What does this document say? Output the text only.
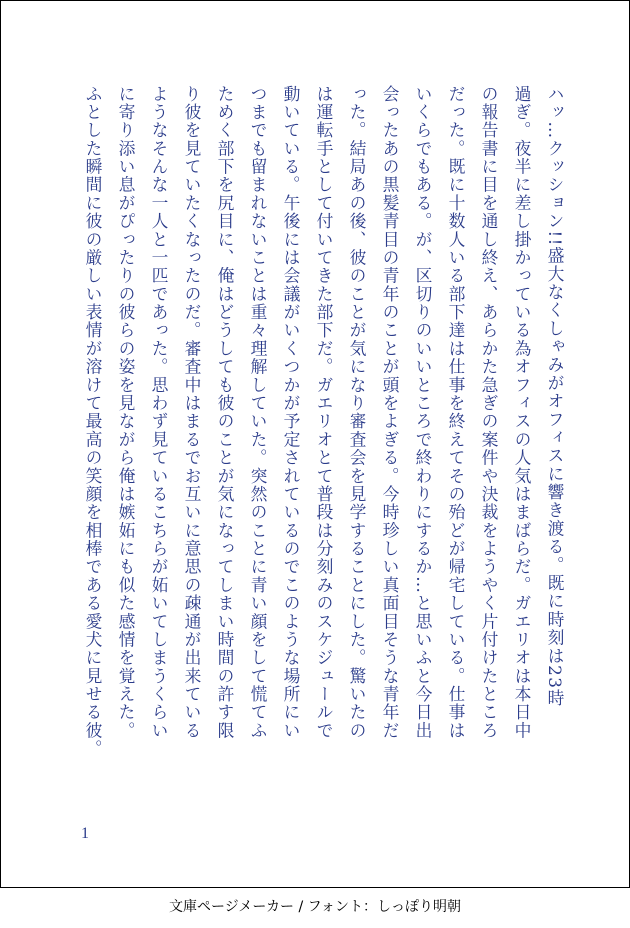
ハッ…クッション!!盛大なくしゃみがオフィスに響き渡る。既に時刻は23時
過ぎ。夜半に差し掛かっている為オフィスの人気はまばらだ。ガエリオは本日中
の報告書に目を通し終え、あらかた急ぎの案件や決裁をようやく片付けたところ
だった。既に十数人いる部下達は仕事を終えてその殆どが帰宅している。仕事は
いくらでもある。が、区切りのいいところで終わりにするか…と思いふと今日出
会ったあの黒髪青目の青年のことが頭をよぎる。今時珍しい真面目そうな青年だ
った。結局あの後、彼のことが気になり審査会を見学することにした。驚いたの
は運転手として付いてきた部下だ。ガエリオとて普段は分刻みのスケジュールで
動いている。午後には会議がいくつかが予定されているのでこのような場所にい
つまでも留まれないことは重々理解していた。突然のことに青い顔をして慌てふ
ためく部下を尻目に、俺はどうしても彼のことが気になってしまい時間の許す限
り彼を見ていたくなったのだ。審査中はまるでお互いに意思の疎通が出来ている
ようなそんな一人と一匹であった。思わず見ているこちらが妬いてしまうくらい
に寄り添い息がぴったりの彼らの姿を見ながら俺は嫉妬にも似た感情を覚えた。
ふとした瞬間に彼の厳しい表情が溶けて最高の笑顔を相棒である愛犬に見せる彼。
1
文庫ページメーカー / フォント：しっぽり明朝
